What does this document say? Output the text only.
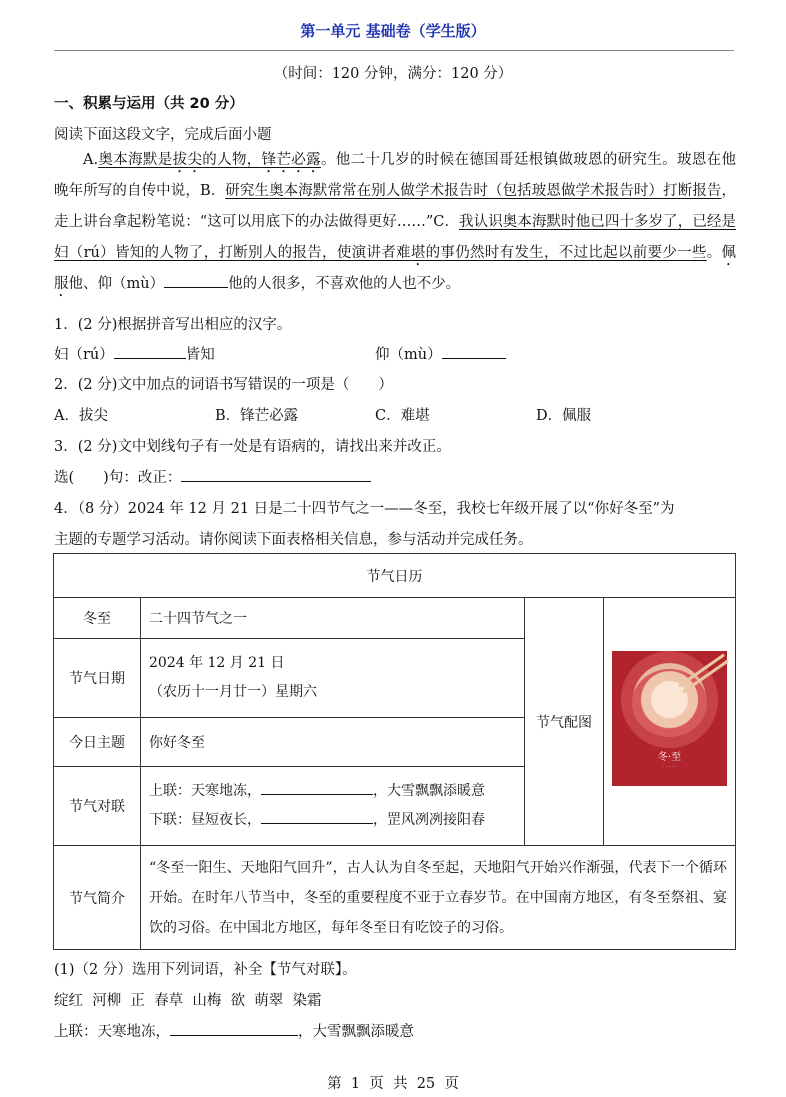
第一单元 基础卷（学生版）
（时间：120 分钟，满分：120 分）
一、积累与运用（共 20 分）
阅读下面这段文字，完成后面小题
A.奥本海默是拔尖的人物，锋芒必露。他二十几岁的时候在德国哥廷根镇做玻恩的研究生。玻恩在他晚年所写的自传中说，B．研究生奥本海默常常在别人做学术报告时（包括玻恩做学术报告时）打断报告，走上讲台拿起粉笔说：“这可以用底下的办法做得更好……”C．我认识奥本海默时他已四十多岁了，已经是妇（rú）皆知的人物了，打断别人的报告，使演讲者难堪的事仍然时有发生，不过比起以前要少一些。佩服他、仰（mù）	他的人很多，不喜欢他的人也不少。
1．(2 分)根据拼音写出相应的汉字。
妇（rú）	皆知	仰（mù）
2．(2 分)文中加点的词语书写错误的一项是（　　）
A．拔尖	B．锋芒必露	C．难堪	D．佩服
3．(2 分)文中划线句子有一处是有语病的，请找出来并改正。
选(　　)句：改正：
4．（8 分）2024 年 12 月 21 日是二十四节气之一——冬至，我校七年级开展了以“你好冬至”为
主题的专题学习活动。请你阅读下面表格相关信息，参与活动并完成任务。
节气日历			
冬至	二十四节气之一	节气配图	
节气日期	2024 年 12 月 21 日
（农历十一月廿一）星期六		

今日主题	你好冬至		
节气对联	上联：天寒地冻， ，大雪飘飘添暖意
下联：昼短夜长， ，罡风冽冽接阳春		

节气简介	“冬至一阳生、天地阳气回升”，古人认为自冬至起，天地阳气开始兴作渐强，代表下一个循环开始。在时年八节当中，冬至的重要程度不亚于立春岁节。在中国南方地区，有冬至祭祖、宴饮的习俗。在中国北方地区，每年冬至日有吃饺子的习俗。		
冬·至
· · · · ·
(1)（2 分）选用下列词语，补全【节气对联】。
绽红  河柳  正  春草  山梅  欲  萌翠  染霜
上联：天寒地冻，	，大雪飘飘添暖意
第  1  页  共  25  页
